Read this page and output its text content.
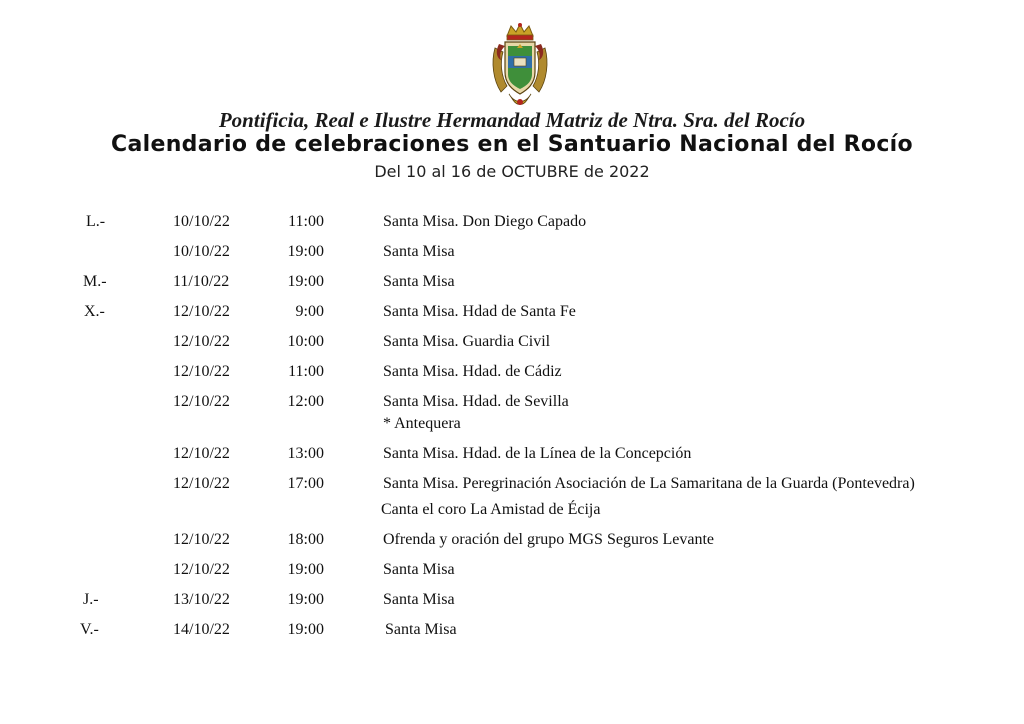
Pontificia, Real e Ilustre Hermandad Matriz de Ntra. Sra. del Rocío
Calendario de celebraciones en el Santuario Nacional del Rocío
Del 10 al 16 de OCTUBRE de 2022
L.-	10/10/22	11:00	Santa Misa. Don Diego Capado
10/10/22	19:00	Santa Misa
M.-	11/10/22	19:00	Santa Misa
X.-	12/10/22	9:00	Santa Misa. Hdad de Santa Fe
12/10/22	10:00	Santa Misa. Guardia Civil
12/10/22	11:00	Santa Misa. Hdad. de Cádiz
12/10/22	12:00	Santa Misa. Hdad. de Sevilla
* Antequera
12/10/22	13:00	Santa Misa. Hdad. de la Línea de la Concepción
12/10/22	17:00	Santa Misa. Peregrinación Asociación de La Samaritana de la Guarda (Pontevedra)
Canta el coro La Amistad de Écija
12/10/22	18:00	Ofrenda y oración del grupo MGS Seguros Levante
12/10/22	19:00	Santa Misa
J.-	13/10/22	19:00	Santa Misa
V.-	14/10/22	19:00	Santa Misa
